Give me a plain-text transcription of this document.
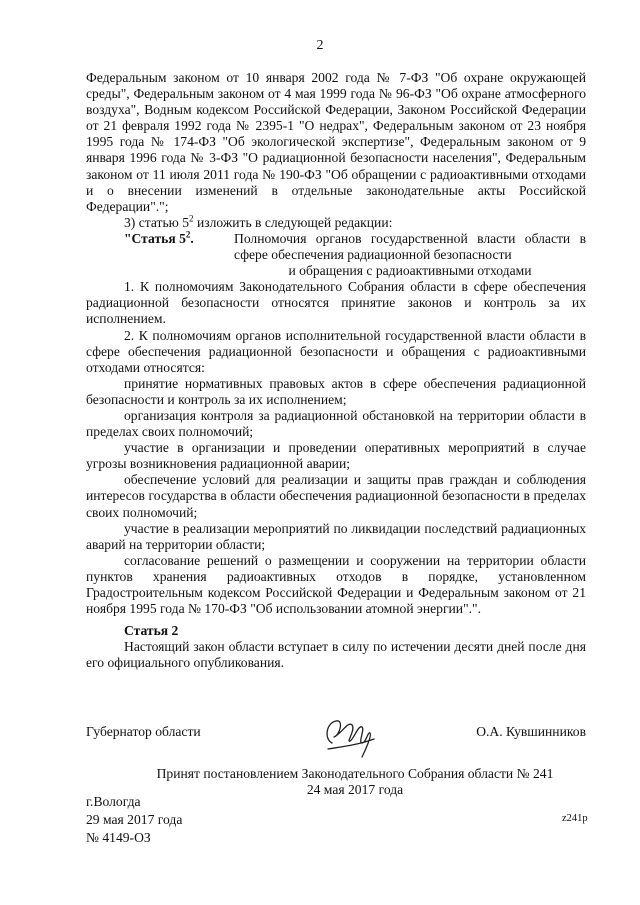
2

Федеральным законом от 10 января 2002 года № 7-ФЗ "Об охране окружающей среды", Федеральным законом от 4 мая 1999 года № 96-ФЗ "Об охране атмосферного воздуха", Водным кодексом Российской Федерации, Законом Российской Федерации от 21 февраля 1992 года № 2395-1 "О недрах", Федеральным законом от 23 ноября 1995 года № 174-ФЗ "Об экологической экспертизе", Федеральным законом от 9 января 1996 года № 3-ФЗ "О радиационной безопасности населения", Федеральным законом от 11 июля 2011 года № 190-ФЗ "Об обращении с радиоактивными отходами и о внесении изменений в отдельные законодательные акты Российской Федерации".";

3) статью $5^2$ изложить в следующей редакции:

"Статья $5^2$.	Полномочия органов государственной власти области в сфере обеспечения радиационной безопасности
и обращения с радиоактивными отходами

1. К полномочиям Законодательного Собрания области в сфере обеспечения радиационной безопасности относятся принятие законов и контроль за их исполнением.

2. К полномочиям органов исполнительной государственной власти области в сфере обеспечения радиационной безопасности и обращения с радиоактивными отходами относятся:

принятие нормативных правовых актов в сфере обеспечения радиационной безопасности и контроль за их исполнением;

организация контроля за радиационной обстановкой на территории области в пределах своих полномочий;

участие в организации и проведении оперативных мероприятий в случае угрозы возникновения радиационной аварии;

обеспечение условий для реализации и защиты прав граждан и соблюдения интересов государства в области обеспечения радиационной безопасности в пределах своих полномочий;

участие в реализации мероприятий по ликвидации последствий радиационных аварий на территории области;

согласование решений о размещении и сооружении на территории области пунктов хранения радиоактивных отходов в порядке, установленном Градостроительным кодексом Российской Федерации и Федеральным законом от 21 ноября 1995 года № 170-ФЗ "Об использовании атомной энергии".".

Статья 2

Настоящий закон области вступает в силу по истечении десяти дней после дня его официального опубликования.

Губернатор области	О.А. Кувшинников
Принят постановлением Законодательного Собрания области № 241
24 мая 2017 года
г.Вологда
29 мая 2017 года
№ 4149-ОЗ
z241р
